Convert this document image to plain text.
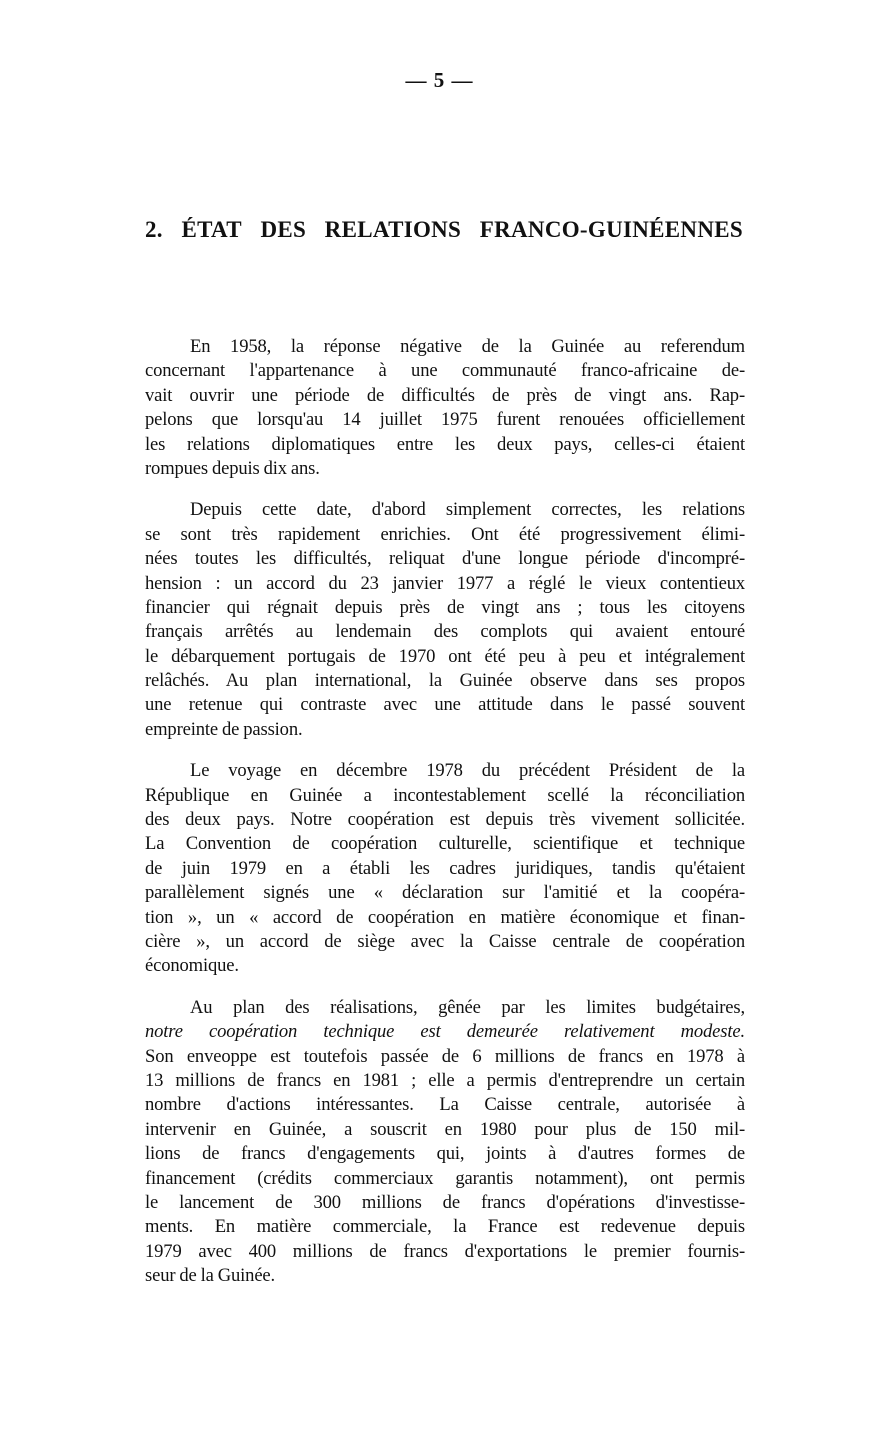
— 5 —
2. ÉTAT DES RELATIONS FRANCO-GUINÉENNES
En 1958, la réponse négative de la Guinée au referendum
concernant l'appartenance à une communauté franco-africaine de-
vait ouvrir une période de difficultés de près de vingt ans. Rap-
pelons que lorsqu'au 14 juillet 1975 furent renouées officiellement
les relations diplomatiques entre les deux pays, celles-ci étaient
rompues depuis dix ans.
Depuis cette date, d'abord simplement correctes, les relations
se sont très rapidement enrichies. Ont été progressivement élimi-
nées toutes les difficultés, reliquat d'une longue période d'incompré-
hension : un accord du 23 janvier 1977 a réglé le vieux contentieux
financier qui régnait depuis près de vingt ans ; tous les citoyens
français arrêtés au lendemain des complots qui avaient entouré
le débarquement portugais de 1970 ont été peu à peu et intégralement
relâchés. Au plan international, la Guinée observe dans ses propos
une retenue qui contraste avec une attitude dans le passé souvent
empreinte de passion.
Le voyage en décembre 1978 du précédent Président de la
République en Guinée a incontestablement scellé la réconciliation
des deux pays. Notre coopération est depuis très vivement sollicitée.
La Convention de coopération culturelle, scientifique et technique
de juin 1979 en a établi les cadres juridiques, tandis qu'étaient
parallèlement signés une « déclaration sur l'amitié et la coopéra-
tion », un « accord de coopération en matière économique et finan-
cière », un accord de siège avec la Caisse centrale de coopération
économique.
Au plan des réalisations, gênée par les limites budgétaires,
notre coopération technique est demeurée relativement modeste.
Son enveoppe est toutefois passée de 6 millions de francs en 1978 à
13 millions de francs en 1981 ; elle a permis d'entreprendre un certain
nombre d'actions intéressantes. La Caisse centrale, autorisée à
intervenir en Guinée, a souscrit en 1980 pour plus de 150 mil-
lions de francs d'engagements qui, joints à d'autres formes de
financement (crédits commerciaux garantis notamment), ont permis
le lancement de 300 millions de francs d'opérations d'investisse-
ments. En matière commerciale, la France est redevenue depuis
1979 avec 400 millions de francs d'exportations le premier fournis-
seur de la Guinée.
